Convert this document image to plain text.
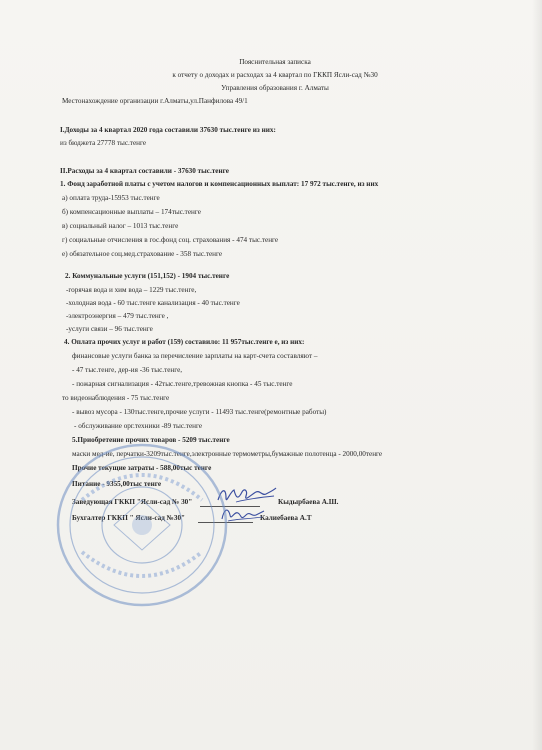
Пояснительная записка
к отчету о доходах и расходах за 4 квартал по ГККП Ясли-сад №30
Управления образования г. Алматы
Местонахождение организации г.Алматы,ул.Панфилова 49/1
I.Доходы за 4 квартал 2020 года составили 37630 тыс.тенге из них:
из бюджета 27778 тыс.тенге
II.Расходы за 4 квартал составили - 37630 тыс.тенге
1. Фонд заработной платы с учетом налогов и компенсационных выплат: 17 972 тыс.тенге, из них
а) оплата труда-15953 тыс.тенге
б) компенсационные выплаты – 174тыс.тенге
в) социальный налог – 1013 тыс.тенге
г) социальные отчисления в гос.фонд соц. страхования - 474 тыс.тенге
е) обязательное соц.мед.страхование - 358 тыс.тенге
2. Коммунальные услуги (151,152) - 1904 тыс.тенге
-горячая вода и хим вода – 1229 тыс.тенге,
-холодная вода - 60 тыс.тенге канализация - 40 тыс.тенге
-электроэнергия – 479 тыс.тенге ,
-услуги связи – 96 тыс.тенге
4. Оплата прочих услуг и работ (159) составило: 11 957тыс.тенге е, из них:
финансовые услуги банка за перечисление зарплаты на карт-счета составляют –
- 47 тыс.тенге, дер-ия -36 тыс.тенге,
- пожарная сигнализация - 42тыс.тенге,тревожная кнопка - 45 тыс.тенге
то видеонаблюдения - 75 тыс.тенге
- вывоз мусора - 130тыс.тенге,прочие услуги - 11493 тыс.тенге(ремонтные работы)
- обслуживание орг.техники -89 тыс.тенге
5.Приобретение прочих товаров - 5209 тыс.тенге
маски мед-ие, перчатки-3209тыс.тенге,электронные термометры,бумажные полотенца - 2000,00тенге
Прочие текущие затраты - 588,00тыс тенге
Питание - 9355,00тыс тенге
Заведующая ГККП "Ясли-сад № 30"	Кыдырбаева А.Ш.
Бухгалтер ГККП " Ясли-сад №30"	Калиебаева А.Т
